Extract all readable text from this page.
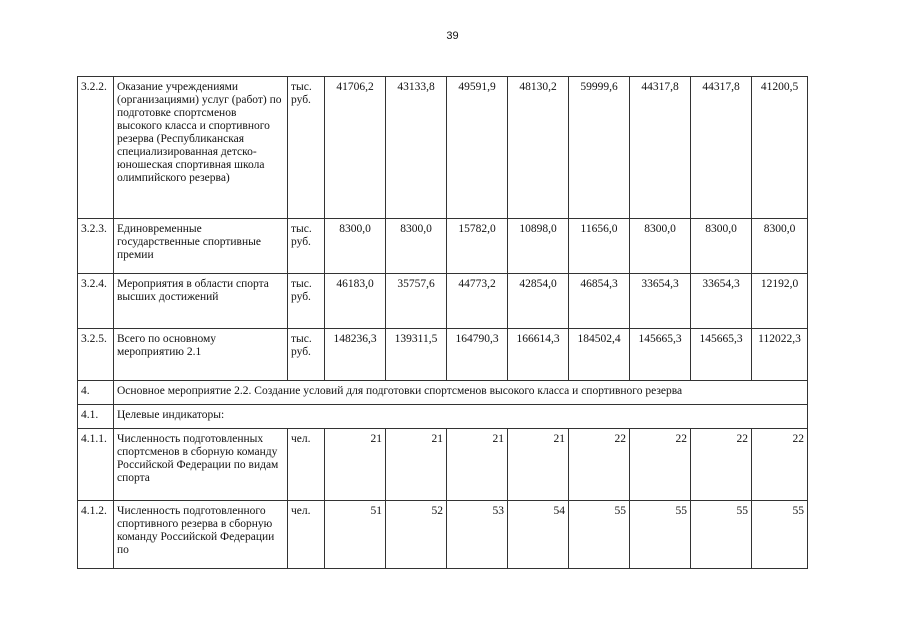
39
3.2.2.	Оказание учреждениями (организациями) услуг (работ) по подготовке спортсменов высокого класса и спортивного резерва (Республиканская специализированная детско-юношеская спортивная школа олимпийского резерва)	тыс. руб.	41706,2	43133,8	49591,9	48130,2	59999,6	44317,8	44317,8	41200,5
3.2.3.	Единовременные государственные спортивные премии	тыс. руб.	8300,0	8300,0	15782,0	10898,0	11656,0	8300,0	8300,0	8300,0
3.2.4.	Мероприятия в области спорта высших достижений	тыс. руб.	46183,0	35757,6	44773,2	42854,0	46854,3	33654,3	33654,3	12192,0
3.2.5.	Всего по основному мероприятию 2.1	тыс. руб.	148236,3	139311,5	164790,3	166614,3	184502,4	145665,3	145665,3	112022,3
4.	Основное мероприятие 2.2. Создание условий для подготовки спортсменов высокого класса и спортивного резерва									
4.1.	Целевые индикаторы:									
4.1.1.	Численность подготовленных спортсменов в сборную команду Российской Федерации по видам спорта	чел.	21	21	21	21	22	22	22	22
4.1.2.	Численность подготовленного спортивного резерва в сборную команду Российской Федерации по	чел.	51	52	53	54	55	55	55	55
